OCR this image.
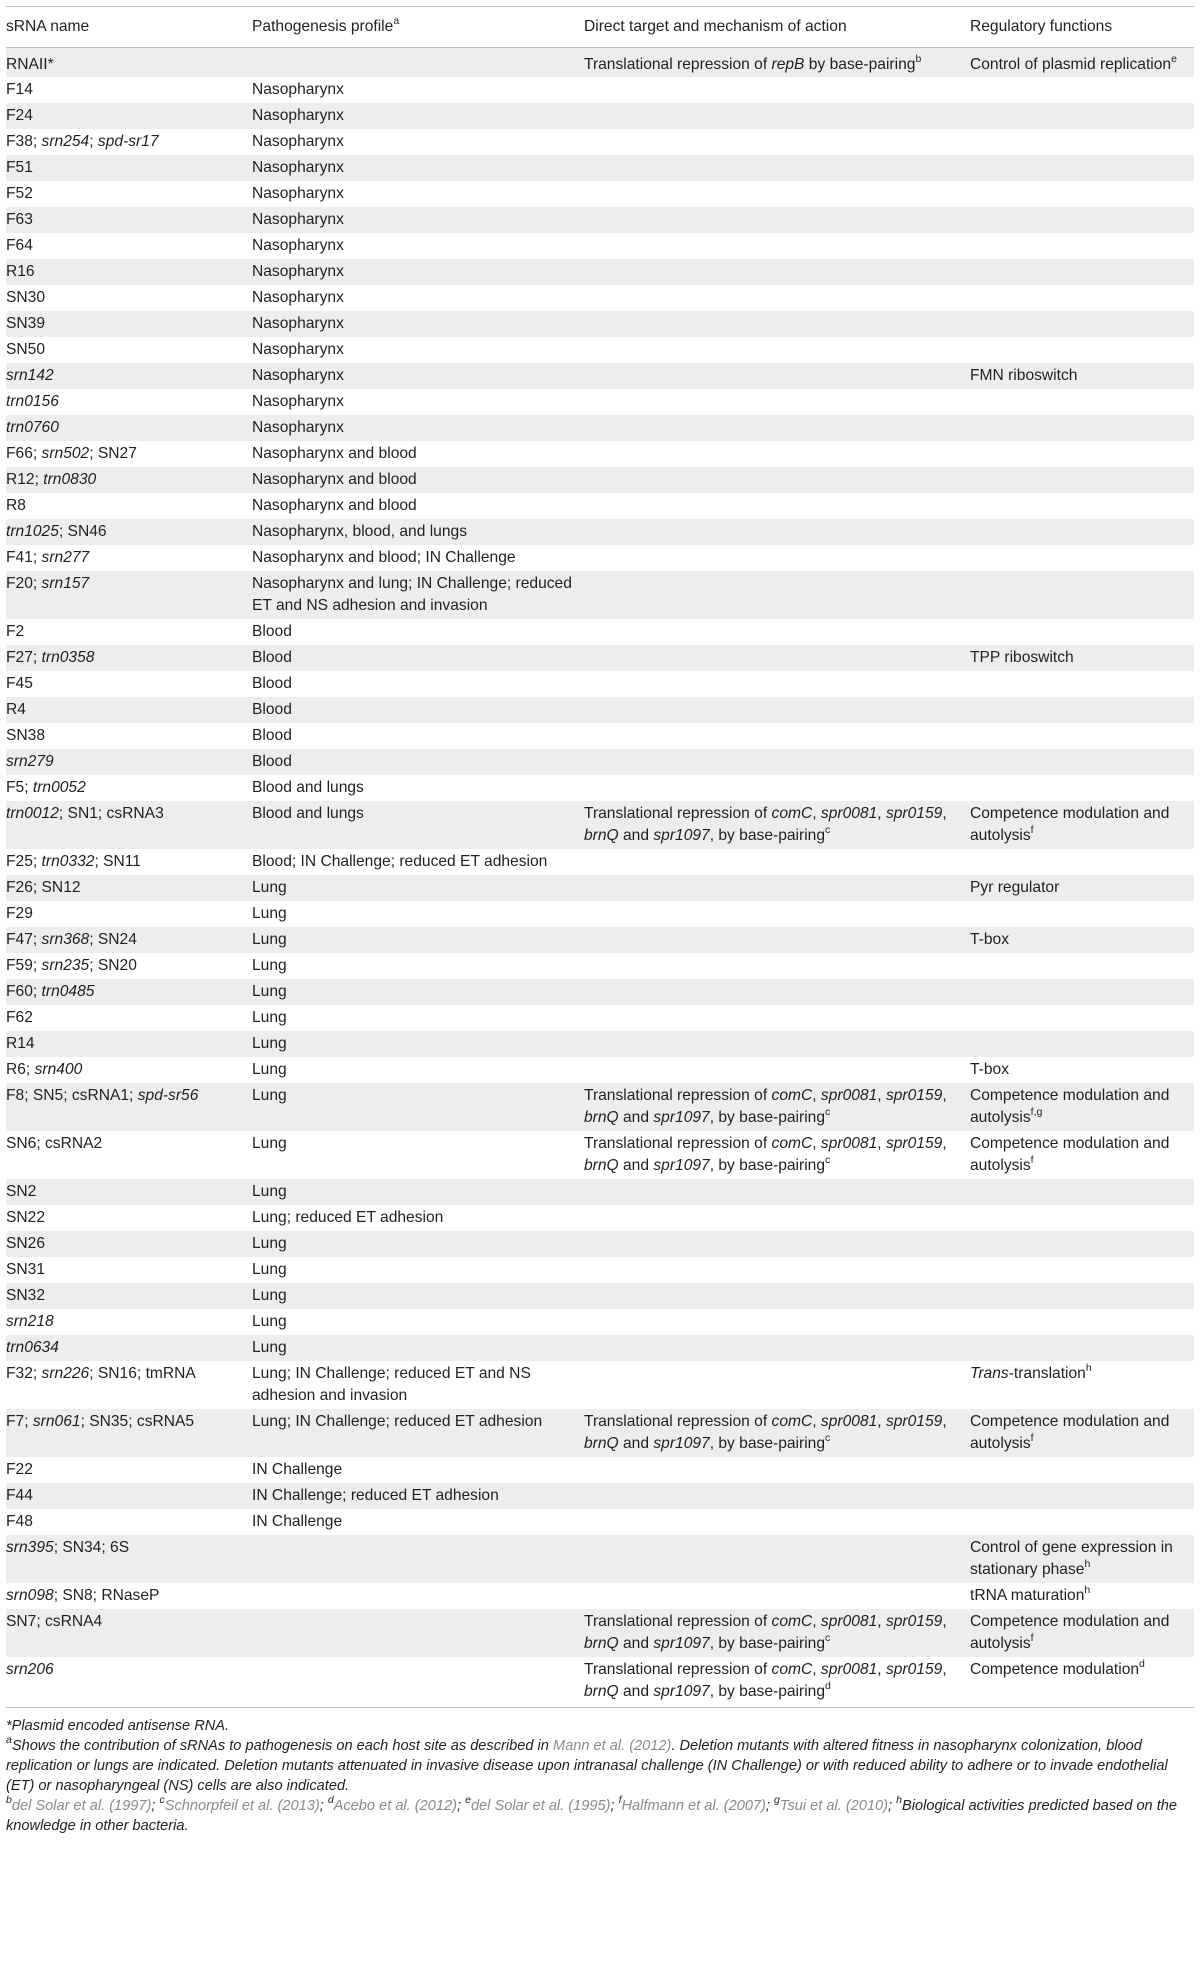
sRNA name	Pathogenesis profile$^a$	Direct target and mechanism of action	Regulatory functions
RNAII*		Translational repression of repB by base-pairing$^b$	Control of plasmid replication$^e$
F14	Nasopharynx		
F24	Nasopharynx		
F38; srn254; spd-sr17	Nasopharynx		
F51	Nasopharynx		
F52	Nasopharynx		
F63	Nasopharynx		
F64	Nasopharynx		
R16	Nasopharynx		
SN30	Nasopharynx		
SN39	Nasopharynx		
SN50	Nasopharynx		
srn142	Nasopharynx		FMN riboswitch
trn0156	Nasopharynx		
trn0760	Nasopharynx		
F66; srn502; SN27	Nasopharynx and blood		
R12; trn0830	Nasopharynx and blood		
R8	Nasopharynx and blood		
trn1025; SN46	Nasopharynx, blood, and lungs		
F41; srn277	Nasopharynx and blood; IN Challenge		
F20; srn157	Nasopharynx and lung; IN Challenge; reduced ET and NS adhesion and invasion		
F2	Blood		
F27; trn0358	Blood		TPP riboswitch
F45	Blood		
R4	Blood		
SN38	Blood		
srn279	Blood		
F5; trn0052	Blood and lungs		
trn0012; SN1; csRNA3	Blood and lungs	Translational repression of comC, spr0081, spr0159, brnQ and spr1097, by base-pairing$^c$	Competence modulation and autolysis$^f$
F25; trn0332; SN11	Blood; IN Challenge; reduced ET adhesion		
F26; SN12	Lung		Pyr regulator
F29	Lung		
F47; srn368; SN24	Lung		T-box
F59; srn235; SN20	Lung		
F60; trn0485	Lung		
F62	Lung		
R14	Lung		
R6; srn400	Lung		T-box
F8; SN5; csRNA1; spd-sr56	Lung	Translational repression of comC, spr0081, spr0159, brnQ and spr1097, by base-pairing$^c$	Competence modulation and autolysis$^{f,g}$
SN6; csRNA2	Lung	Translational repression of comC, spr0081, spr0159, brnQ and spr1097, by base-pairing$^c$	Competence modulation and autolysis$^f$
SN2	Lung		
SN22	Lung; reduced ET adhesion		
SN26	Lung		
SN31	Lung		
SN32	Lung		
srn218	Lung		
trn0634	Lung		
F32; srn226; SN16; tmRNA	Lung; IN Challenge; reduced ET and NS adhesion and invasion		Trans-translation$^h$
F7; srn061; SN35; csRNA5	Lung; IN Challenge; reduced ET adhesion	Translational repression of comC, spr0081, spr0159, brnQ and spr1097, by base-pairing$^c$	Competence modulation and autolysis$^f$
F22	IN Challenge		
F44	IN Challenge; reduced ET adhesion		
F48	IN Challenge		
srn395; SN34; 6S			Control of gene expression in stationary phase$^h$
srn098; SN8; RNaseP			tRNA maturation$^h$
SN7; csRNA4		Translational repression of comC, spr0081, spr0159, brnQ and spr1097, by base-pairing$^c$	Competence modulation and autolysis$^f$
srn206		Translational repression of comC, spr0081, spr0159, brnQ and spr1097, by base-pairing$^d$	Competence modulation$^d$

*Plasmid encoded antisense RNA.

$^a$Shows the contribution of sRNAs to pathogenesis on each host site as described in Mann et al. (2012). Deletion mutants with altered fitness in nasopharynx colonization, blood replication or lungs are indicated. Deletion mutants attenuated in invasive disease upon intranasal challenge (IN Challenge) or with reduced ability to adhere or to invade endothelial (ET) or nasopharyngeal (NS) cells are also indicated.

$^b$del Solar et al. (1997); $^c$Schnorpfeil et al. (2013); $^d$Acebo et al. (2012); $^e$del Solar et al. (1995); $^f$Halfmann et al. (2007); $^g$Tsui et al. (2010); $^h$Biological activities predicted based on the knowledge in other bacteria.
